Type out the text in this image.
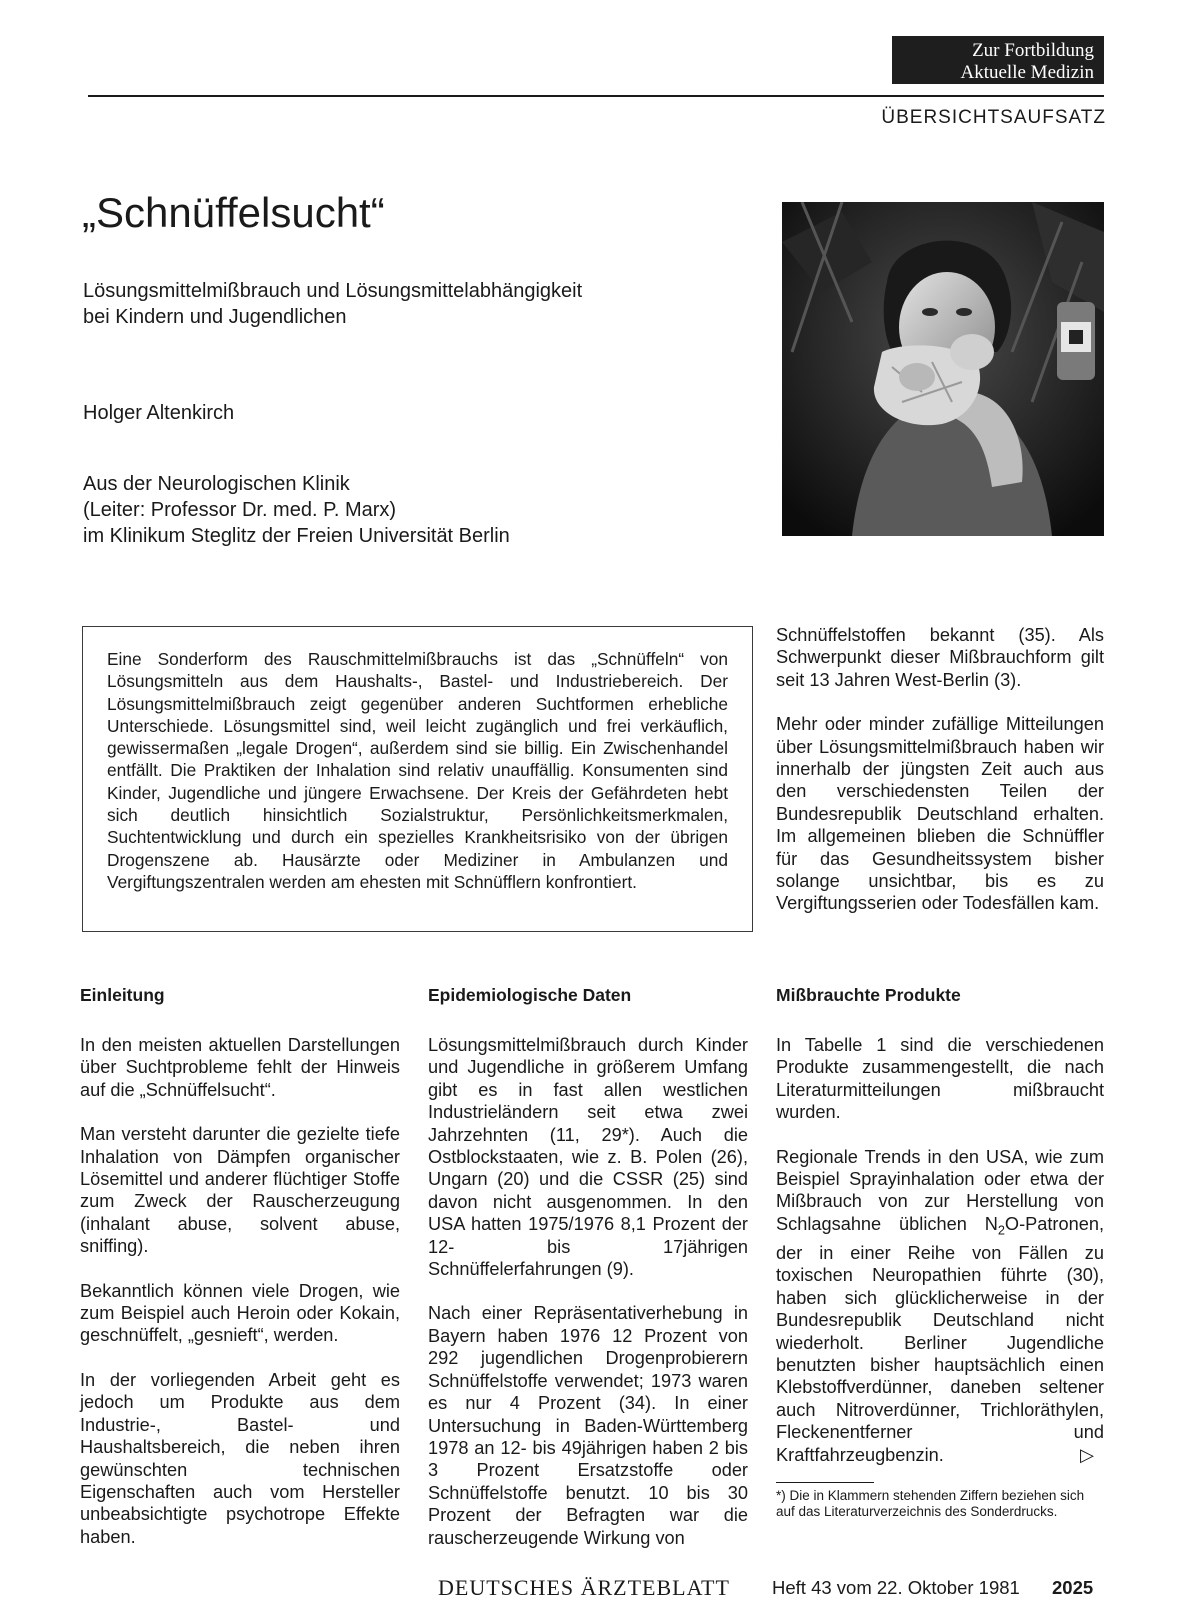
Zur Fortbildung
Aktuelle Medizin
ÜBERSICHTSAUFSATZ
„Schnüffelsucht“
Lösungsmittelmißbrauch und Lösungsmittelabhängigkeit
bei Kindern und Jugendlichen
Holger Altenkirch
Aus der Neurologischen Klinik
(Leiter: Professor Dr. med. P. Marx)
im Klinikum Steglitz der Freien Universität Berlin
Eine Sonderform des Rauschmittelmißbrauchs ist das „Schnüffeln“ von Lösungsmitteln aus dem Haushalts-, Bastel- und Industriebereich. Der Lösungsmittelmißbrauch zeigt gegenüber anderen Suchtformen erhebliche Unterschiede. Lösungsmittel sind, weil leicht zugänglich und frei verkäuflich, gewissermaßen „legale Drogen“, außerdem sind sie billig. Ein Zwischenhandel entfällt. Die Praktiken der Inhalation sind relativ unauffällig. Konsumenten sind Kinder, Jugendliche und jüngere Erwachsene. Der Kreis der Gefährdeten hebt sich deutlich hinsichtlich Sozialstruktur, Persönlichkeitsmerkmalen, Suchtentwicklung und durch ein spezielles Krankheitsrisiko von der übrigen Drogenszene ab. Hausärzte oder Mediziner in Ambulanzen und Vergiftungszentralen werden am ehesten mit Schnüfflern konfrontiert.

Schnüffelstoffen bekannt (35). Als Schwerpunkt dieser Mißbrauchform gilt seit 13 Jahren West-Berlin (3).

Mehr oder minder zufällige Mitteilungen über Lösungsmittelmißbrauch haben wir innerhalb der jüngsten Zeit auch aus den verschiedensten Teilen der Bundesrepublik Deutschland erhalten. Im allgemeinen blieben die Schnüffler für das Gesundheitssystem bisher solange unsichtbar, bis es zu Vergiftungsserien oder Todesfällen kam.

Einleitung	Epidemiologische Daten	Mißbrauchte Produkte

In den meisten aktuellen Darstellungen über Suchtprobleme fehlt der Hinweis auf die „Schnüffelsucht“.

Man versteht darunter die gezielte tiefe Inhalation von Dämpfen organischer Lösemittel und anderer flüchtiger Stoffe zum Zweck der Rauscherzeugung (inhalant abuse, solvent abuse, sniffing).

Bekanntlich können viele Drogen, wie zum Beispiel auch Heroin oder Kokain, geschnüffelt, „gesnieft“, werden.

In der vorliegenden Arbeit geht es jedoch um Produkte aus dem Industrie-, Bastel- und Haushaltsbereich, die neben ihren gewünschten technischen Eigenschaften auch vom Hersteller unbeabsichtigte psychotrope Effekte haben.

Lösungsmittelmißbrauch durch Kinder und Jugendliche in größerem Umfang gibt es in fast allen westlichen Industrieländern seit etwa zwei Jahrzehnten (11, 29*). Auch die Ostblockstaaten, wie z. B. Polen (26), Ungarn (20) und die CSSR (25) sind davon nicht ausgenommen. In den USA hatten 1975/1976 8,1 Prozent der 12- bis 17jährigen Schnüffelerfahrungen (9).

Nach einer Repräsentativerhebung in Bayern haben 1976 12 Prozent von 292 jugendlichen Drogenprobierern Schnüffelstoffe verwendet; 1973 waren es nur 4 Prozent (34). In einer Untersuchung in Baden-Württemberg 1978 an 12- bis 49jährigen haben 2 bis 3 Prozent Ersatzstoffe oder Schnüffelstoffe benutzt. 10 bis 30 Prozent der Befragten war die rauscherzeugende Wirkung von

In Tabelle 1 sind die verschiedenen Produkte zusammengestellt, die nach Literaturmitteilungen mißbraucht wurden.

Regionale Trends in den USA, wie zum Beispiel Sprayinhalation oder etwa der Mißbrauch von zur Herstellung von Schlagsahne üblichen $N_2O$-Patronen, der in einer Reihe von Fällen zu toxischen Neuropathien führte (30), haben sich glücklicherweise in der Bundesrepublik Deutschland nicht wiederholt. Berliner Jugendliche benutzten bisher hauptsächlich einen Klebstoffverdünner, daneben seltener auch Nitroverdünner, Trichloräthylen, Fleckenentferner und Kraftfahrzeugbenzin.	▷

*) Die in Klammern stehenden Ziffern beziehen sich auf das Literaturverzeichnis des Sonderdrucks.
DEUTSCHES ÄRZTEBLATT Heft 43 vom 22. Oktober 1981 2025
